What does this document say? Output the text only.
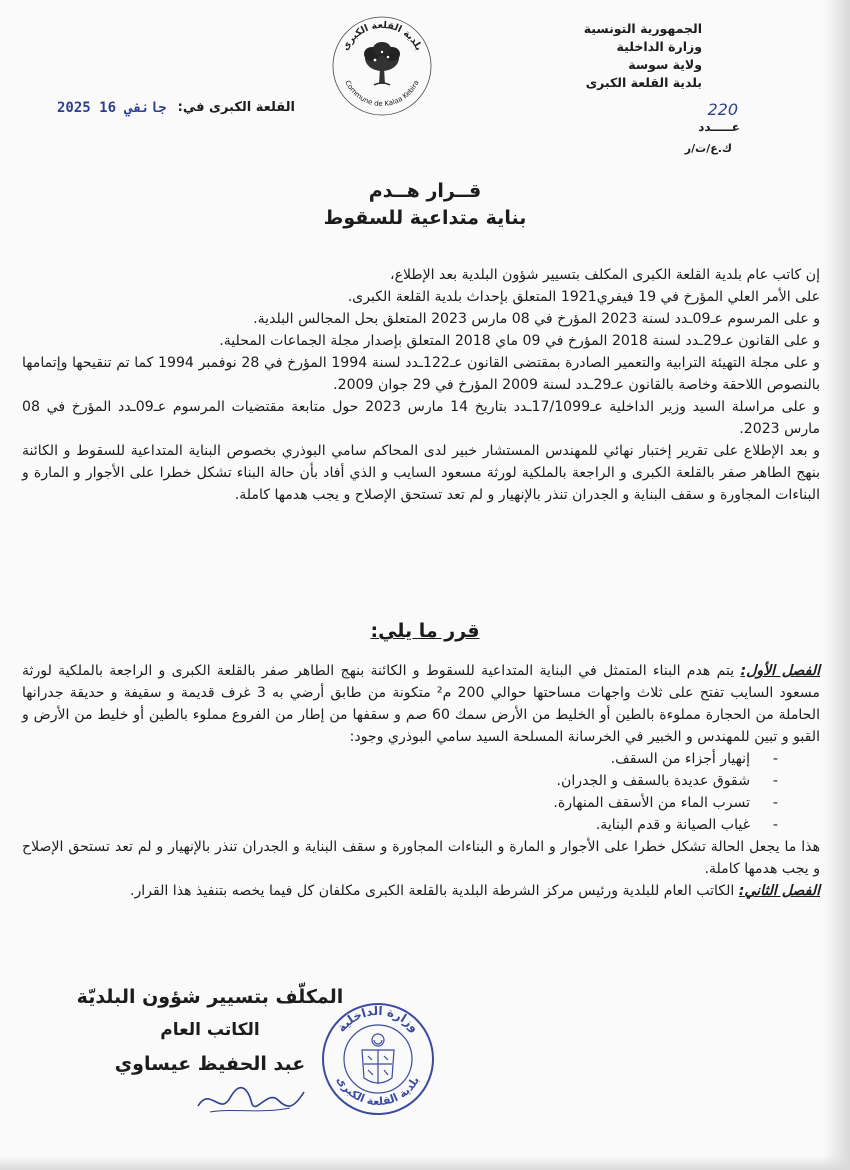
الجمهورية التونسية
وزارة الداخلية
ولاية سوسة
بلدية القلعة الكبرى
220
عـــــدد
ك.ع/ت/ر
بلدية القلعة الكبرى
Commune de Kalaa Kebira
القلعة الكبرى في:
2025 جانفي 16
قــرار هــدم
بناية متداعية للسقوط

إن كاتب عام بلدية القلعة الكبرى المكلف بتسيير شؤون البلدية بعد الإطلاع،

على الأمر العلي المؤرخ في 19 فيفري1921 المتعلق بإحداث بلدية القلعة الكبرى.

و على المرسوم عـ09ـدد لسنة 2023 المؤرخ في 08 مارس 2023 المتعلق بحل المجالس البلدية.

و على القانون عـ29ـدد لسنة 2018 المؤرخ في 09 ماي 2018 المتعلق بإصدار مجلة الجماعات المحلية.

و على مجلة التهيئة الترابية والتعمير الصادرة بمقتضى القانون عـ122ـدد لسنة 1994 المؤرخ في 28 نوفمبر 1994 كما تم تنقيحها وإتمامها بالنصوص اللاحقة وخاصة بالقانون عـ29ـدد لسنة 2009 المؤرخ في 29 جوان 2009.

و على مراسلة السيد وزير الداخلية عـ17/1099ـدد بتاريخ 14 مارس 2023 حول متابعة مقتضيات المرسوم عـ09ـدد المؤرخ في 08 مارس 2023.

و بعد الإطلاع على تقرير إختبار نهائي للمهندس المستشار خبير لدى المحاكم سامي البوذري بخصوص البناية المتداعية للسقوط و الكائنة بنهج الطاهر صفر بالقلعة الكبرى و الراجعة بالملكية لورثة مسعود السايب و الذي أفاد بأن حالة البناء تشكل خطرا على الأجوار و المارة و البناءات المجاورة و سقف البناية و الجدران تنذر بالإنهيار و لم تعد تستحق الإصلاح و يجب هدمها كاملة.

قرر ما يلي:

الفصل الأول: يتم هدم البناء المتمثل في البناية المتداعية للسقوط و الكائنة بنهج الطاهر صفر بالقلعة الكبرى و الراجعة بالملكية لورثة مسعود السايب تفتح على ثلاث واجهات مساحتها حوالي 200 م² متكونة من طابق أرضي به 3 غرف قديمة و سقيفة و حديقة جدرانها الحاملة من الحجارة مملوءة بالطين أو الخليط من الأرض سمك 60 صم و سقفها من إطار من الفروع مملوء بالطين أو خليط من الأرض و القبو و تبين للمهندس و الخبير في الخرسانة المسلحة السيد سامي البوذري وجود:

- إنهيار أجزاء من السقف.
- شقوق عديدة بالسقف و الجدران.
- تسرب الماء من الأسقف المنهارة.
- غياب الصيانة و قدم البناية.

هذا ما يجعل الحالة تشكل خطرا على الأجوار و المارة و البناءات المجاورة و سقف البناية و الجدران تنذر بالإنهيار و لم تعد تستحق الإصلاح و يجب هدمها كاملة.

الفصل الثاني: الكاتب العام للبلدية ورئيس مركز الشرطة البلدية بالقلعة الكبرى مكلفان كل فيما يخصه بتنفيذ هذا القرار.

المكلّف بتسيير شؤون البلديّة
الكاتب العام
عبد الحفيظ عيساوي
وزارة الداخلية
بلدية القلعة الكبرى
